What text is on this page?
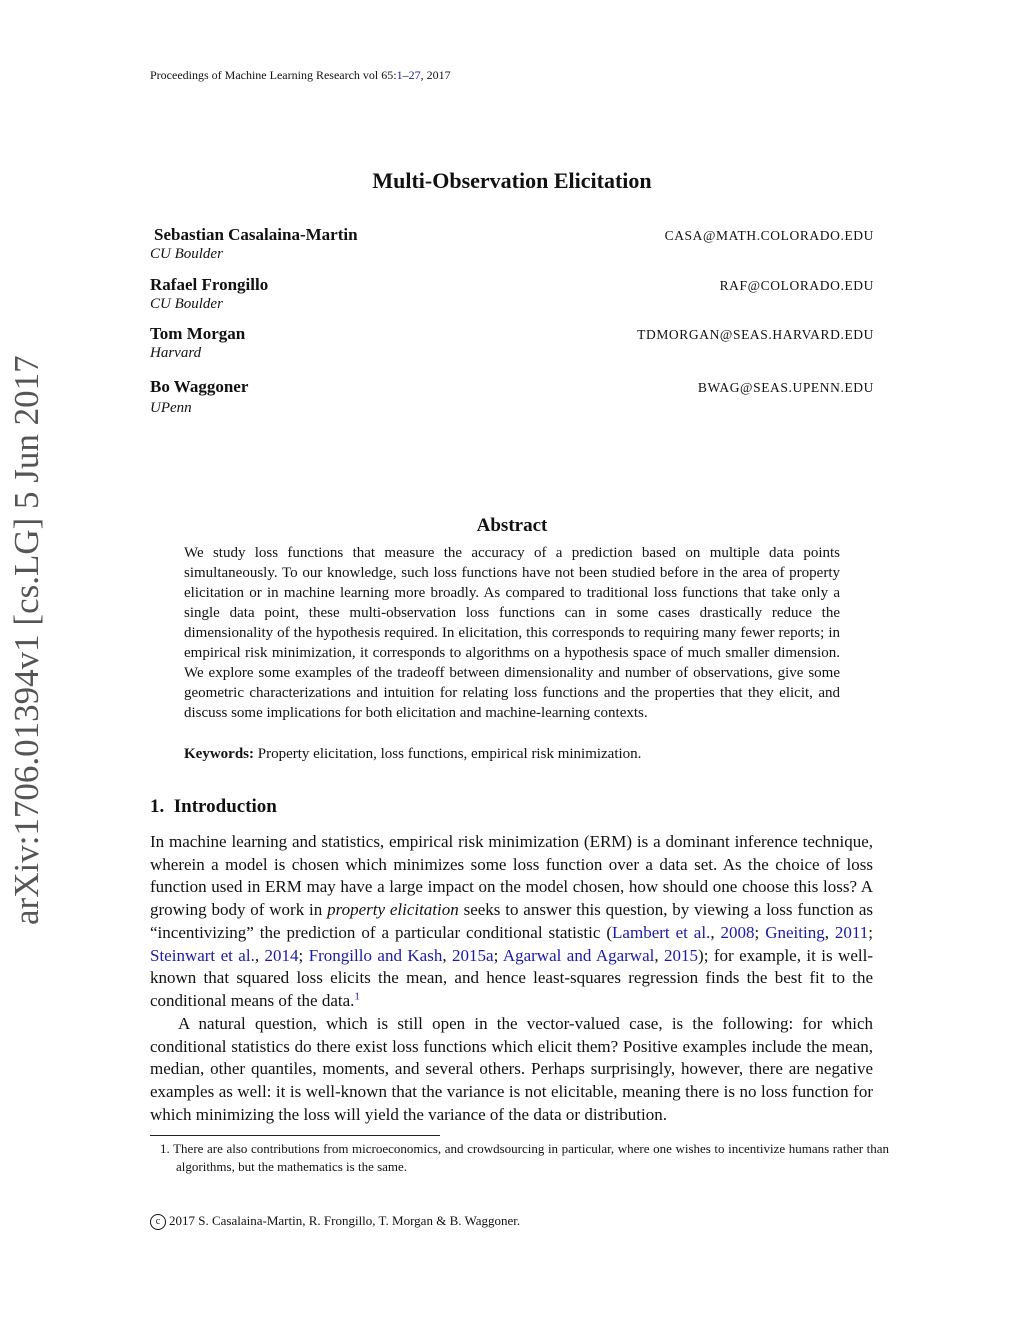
Proceedings of Machine Learning Research vol 65:1–27, 2017
Multi-Observation Elicitation
Sebastian Casalaina-Martin
CU Boulder
CASA@MATH.COLORADO.EDU
Rafael Frongillo
CU Boulder
RAF@COLORADO.EDU
Tom Morgan
Harvard
TDMORGAN@SEAS.HARVARD.EDU
Bo Waggoner
UPenn
BWAG@SEAS.UPENN.EDU
arXiv:1706.01394v1 [cs.LG] 5 Jun 2017	Abstract
We study loss functions that measure the accuracy of a prediction based on multiple data points simultaneously. To our knowledge, such loss functions have not been studied before in the area of property elicitation or in machine learning more broadly. As compared to traditional loss functions that take only a single data point, these multi-observation loss functions can in some cases drastically reduce the dimensionality of the hypothesis required. In elicitation, this corresponds to requiring many fewer reports; in empirical risk minimization, it corresponds to algorithms on a hypothesis space of much smaller dimension. We explore some examples of the tradeoff between dimensionality and number of observations, give some geometric characterizations and intuition for relating loss functions and the properties that they elicit, and discuss some implications for both elicitation and machine-learning contexts.
Keywords: Property elicitation, loss functions, empirical risk minimization.
1. Introduction
In machine learning and statistics, empirical risk minimization (ERM) is a dominant inference technique, wherein a model is chosen which minimizes some loss function over a data set. As the choice of loss function used in ERM may have a large impact on the model chosen, how should one choose this loss? A growing body of work in property elicitation seeks to answer this question, by viewing a loss function as “incentivizing” the prediction of a particular conditional statistic (Lambert et al., 2008; Gneiting, 2011; Steinwart et al., 2014; Frongillo and Kash, 2015a; Agarwal and Agarwal, 2015); for example, it is well-known that squared loss elicits the mean, and hence least-squares regression finds the best fit to the conditional means of the data.$^1$
A natural question, which is still open in the vector-valued case, is the following: for which conditional statistics do there exist loss functions which elicit them? Positive examples include the mean, median, other quantiles, moments, and several others. Perhaps surprisingly, however, there are negative examples as well: it is well-known that the variance is not elicitable, meaning there is no loss function for which minimizing the loss will yield the variance of the data or distribution.
1. There are also contributions from microeconomics, and crowdsourcing in particular, where one wishes to incentivize humans rather than algorithms, but the mathematics is the same.
c 2017 S. Casalaina-Martin, R. Frongillo, T. Morgan & B. Waggoner.
